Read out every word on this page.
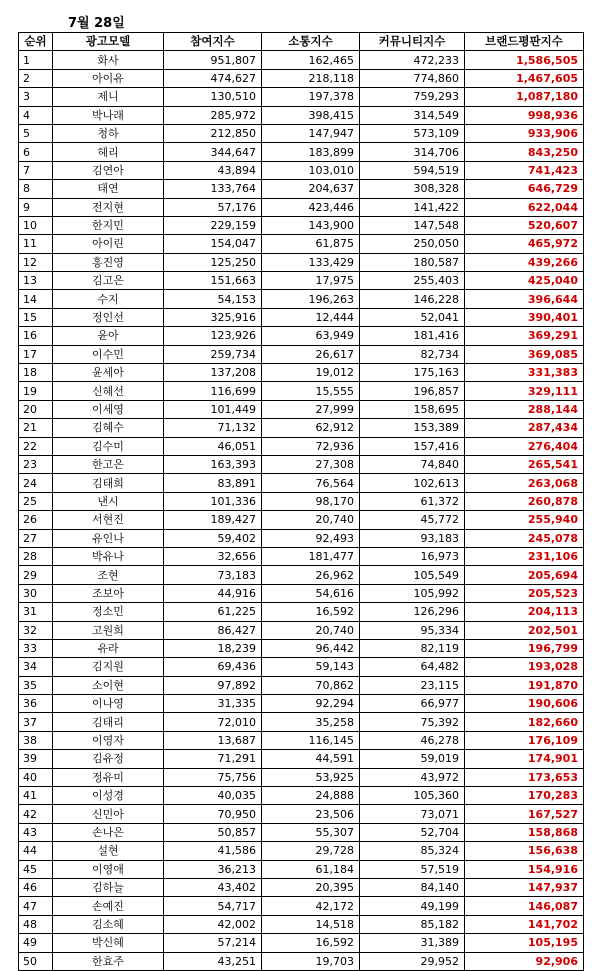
7월 28일
순위	광고모델	참여지수	소통지수	커뮤니티지수	브랜드평판지수
1	화사	951,807	162,465	472,233	1,586,505
2	아이유	474,627	218,118	774,860	1,467,605
3	제니	130,510	197,378	759,293	1,087,180
4	박나래	285,972	398,415	314,549	998,936
5	청하	212,850	147,947	573,109	933,906
6	헤리	344,647	183,899	314,706	843,250
7	김연아	43,894	103,010	594,519	741,423
8	태연	133,764	204,637	308,328	646,729
9	전지현	57,176	423,446	141,422	622,044
10	한지민	229,159	143,900	147,548	520,607
11	아이린	154,047	61,875	250,050	465,972
12	홍진영	125,250	133,429	180,587	439,266
13	김고은	151,663	17,975	255,403	425,040
14	수지	54,153	196,263	146,228	396,644
15	정인선	325,916	12,444	52,041	390,401
16	윤아	123,926	63,949	181,416	369,291
17	이수민	259,734	26,617	82,734	369,085
18	윤세아	137,208	19,012	175,163	331,383
19	신혜선	116,699	15,555	196,857	329,111
20	이세영	101,449	27,999	158,695	288,144
21	김혜수	71,132	62,912	153,389	287,434
22	김수미	46,051	72,936	157,416	276,404
23	한고은	163,393	27,308	74,840	265,541
24	김태희	83,891	76,564	102,613	263,068
25	낸시	101,336	98,170	61,372	260,878
26	서현진	189,427	20,740	45,772	255,940
27	유인나	59,402	92,493	93,183	245,078
28	박유나	32,656	181,477	16,973	231,106
29	조현	73,183	26,962	105,549	205,694
30	조보아	44,916	54,616	105,992	205,523
31	정소민	61,225	16,592	126,296	204,113
32	고원희	86,427	20,740	95,334	202,501
33	유라	18,239	96,442	82,119	196,799
34	김지원	69,436	59,143	64,482	193,028
35	소이현	97,892	70,862	23,115	191,870
36	이나영	31,335	92,294	66,977	190,606
37	김태리	72,010	35,258	75,392	182,660
38	이영자	13,687	116,145	46,278	176,109
39	김유정	71,291	44,591	59,019	174,901
40	정유미	75,756	53,925	43,972	173,653
41	이성경	40,035	24,888	105,360	170,283
42	신민아	70,950	23,506	73,071	167,527
43	손나은	50,857	55,307	52,704	158,868
44	설현	41,586	29,728	85,324	156,638
45	이영애	36,213	61,184	57,519	154,916
46	김하늘	43,402	20,395	84,140	147,937
47	손예진	54,717	42,172	49,199	146,087
48	김소혜	42,002	14,518	85,182	141,702
49	박신혜	57,214	16,592	31,389	105,195
50	한효주	43,251	19,703	29,952	92,906
